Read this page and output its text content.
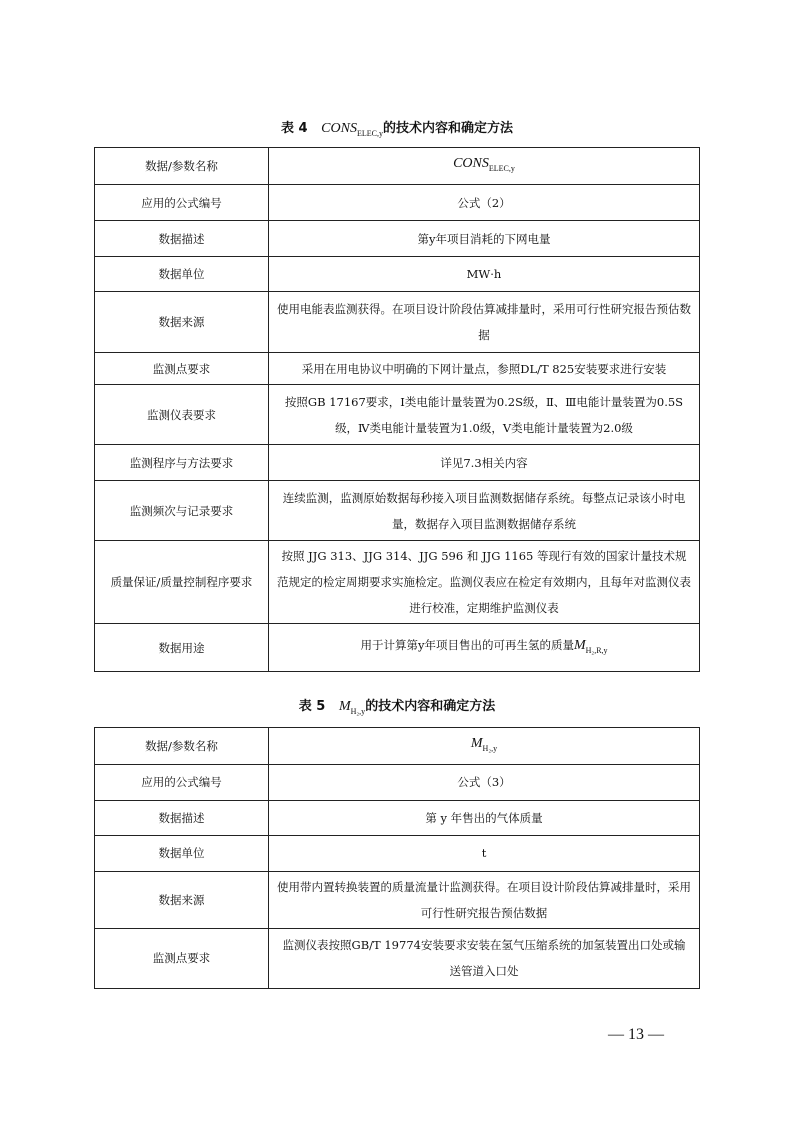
表 4 $CONS_{ELEC,y}$的技术内容和确定方法
数据/参数名称	$CONS_{ELEC,y}$
应用的公式编号	公式（2）
数据描述	第y年项目消耗的下网电量
数据单位	MW·h
数据来源	使用电能表监测获得。在项目设计阶段估算减排量时，采用可行性研究报告预估数据
监测点要求	采用在用电协议中明确的下网计量点，参照DL/T 825安装要求进行安装
监测仪表要求	按照GB 17167要求，Ⅰ类电能计量装置为0.2S级，Ⅱ、Ⅲ电能计量装置为0.5S级，Ⅳ类电能计量装置为1.0级，Ⅴ类电能计量装置为2.0级
监测程序与方法要求	详见7.3相关内容
监测频次与记录要求	连续监测，监测原始数据每秒接入项目监测数据储存系统。每整点记录该小时电量，数据存入项目监测数据储存系统
质量保证/质量控制程序要求	按照 JJG 313、JJG 314、JJG 596 和 JJG 1165 等现行有效的国家计量技术规范规定的检定周期要求实施检定。监测仪表应在检定有效期内，且每年对监测仪表进行校准，定期维护监测仪表
数据用途	用于计算第y年项目售出的可再生氢的质量$M_{H_2,R,y}$
表 5 $M_{H_2,y}$的技术内容和确定方法
数据/参数名称	$M_{H_2,y}$
应用的公式编号	公式（3）
数据描述	第 y 年售出的气体质量
数据单位	t
数据来源	使用带内置转换装置的质量流量计监测获得。在项目设计阶段估算减排量时，采用可行性研究报告预估数据
监测点要求	监测仪表按照GB/T 19774安装要求安装在氢气压缩系统的加氢装置出口处或输送管道入口处
— 13 —
